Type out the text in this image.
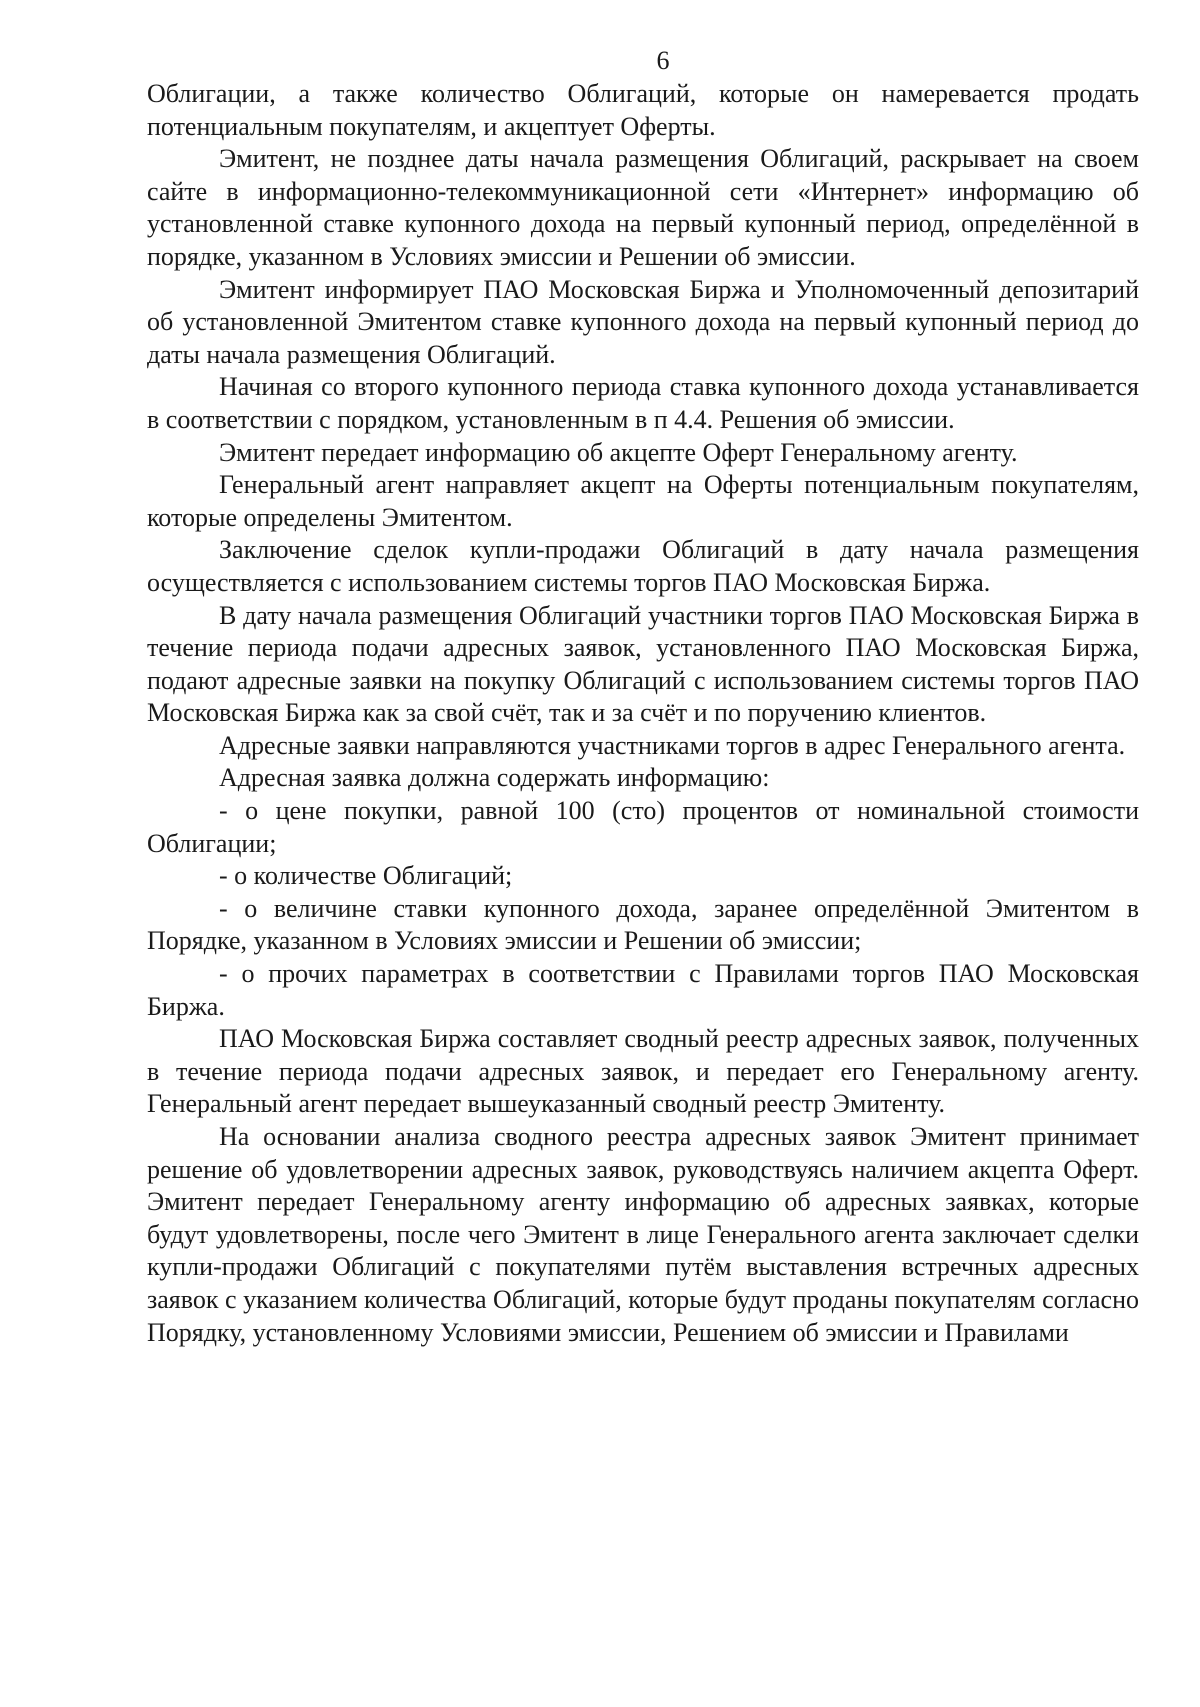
6

Облигации, а также количество Облигаций, которые он намеревается продать потенциальным покупателям, и акцептует Оферты.

Эмитент, не позднее даты начала размещения Облигаций, раскрывает на своем сайте в информационно-телекоммуникационной сети «Интернет» информацию об установленной ставке купонного дохода на первый купонный период, определённой в порядке, указанном в Условиях эмиссии и Решении об эмиссии.

Эмитент информирует ПАО Московская Биржа и Уполномоченный депозитарий об установленной Эмитентом ставке купонного дохода на первый купонный период до даты начала размещения Облигаций.

Начиная со второго купонного периода ставка купонного дохода устанавливается в соответствии с порядком, установленным в п 4.4. Решения об эмиссии.

Эмитент передает информацию об акцепте Оферт Генеральному агенту.

Генеральный агент направляет акцепт на Оферты потенциальным покупателям, которые определены Эмитентом.

Заключение сделок купли-продажи Облигаций в дату начала размещения осуществляется с использованием системы торгов ПАО Московская Биржа.

В дату начала размещения Облигаций участники торгов ПАО Московская Биржа в течение периода подачи адресных заявок, установленного ПАО Московская Биржа, подают адресные заявки на покупку Облигаций с использованием системы торгов ПАО Московская Биржа как за свой счёт, так и за счёт и по поручению клиентов.

Адресные заявки направляются участниками торгов в адрес Генерального агента.

Адресная заявка должна содержать информацию:

- о цене покупки, равной 100 (сто) процентов от номинальной стоимости Облигации;

- о количестве Облигаций;

- о величине ставки купонного дохода, заранее определённой Эмитентом в Порядке, указанном в Условиях эмиссии и Решении об эмиссии;

- о прочих параметрах в соответствии с Правилами торгов ПАО Московская Биржа.

ПАО Московская Биржа составляет сводный реестр адресных заявок, полученных в течение периода подачи адресных заявок, и передает его Генеральному агенту. Генеральный агент передает вышеуказанный сводный реестр Эмитенту.

На основании анализа сводного реестра адресных заявок Эмитент принимает решение об удовлетворении адресных заявок, руководствуясь наличием акцепта Оферт. Эмитент передает Генеральному агенту информацию об адресных заявках, которые будут удовлетворены, после чего Эмитент в лице Генерального агента заключает сделки купли-продажи Облигаций с покупателями путём выставления встречных адресных заявок с указанием количества Облигаций, которые будут проданы покупателям согласно Порядку, установленному Условиями эмиссии, Решением об эмиссии и Правилами
